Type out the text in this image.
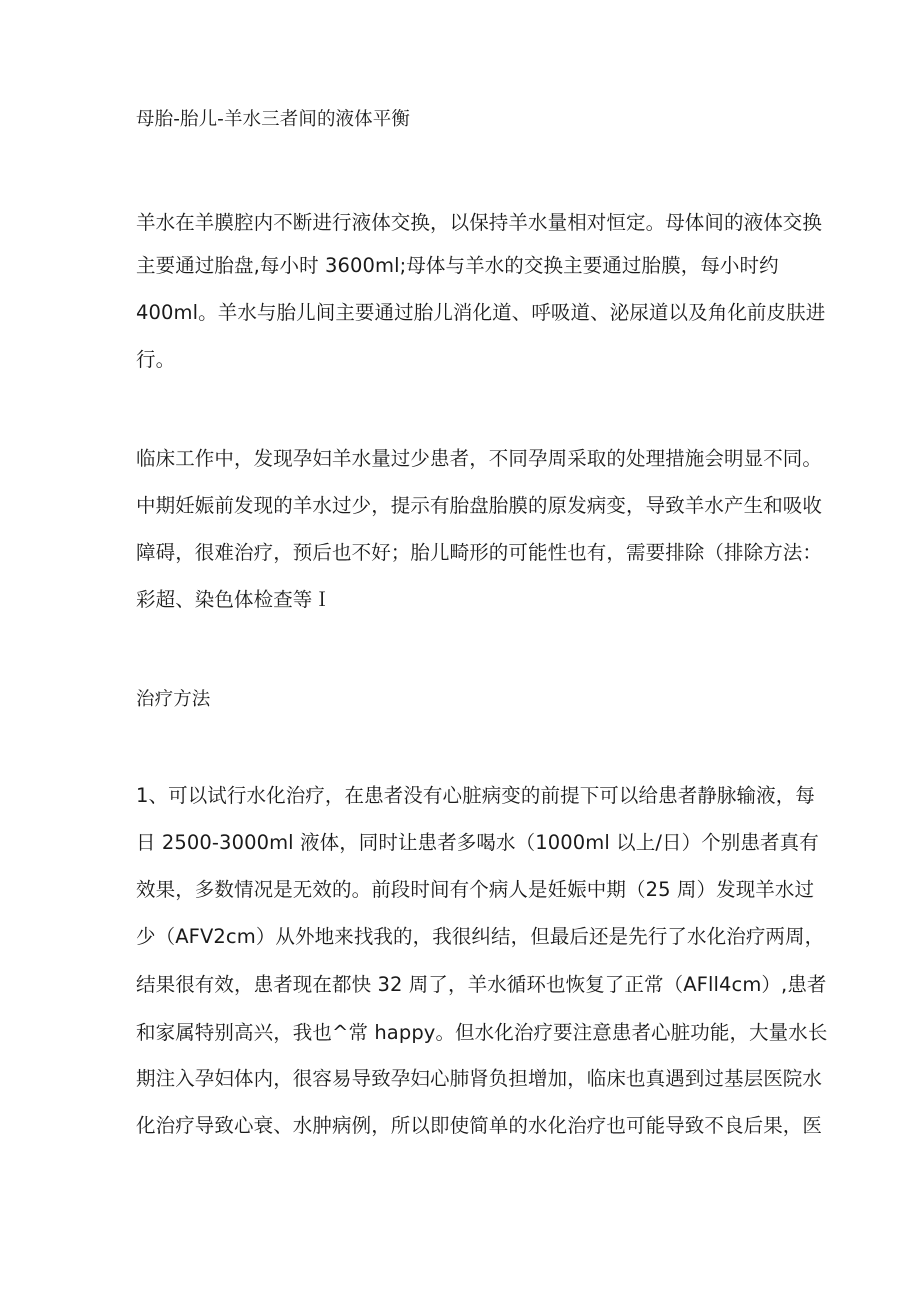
母胎-胎儿-羊水三者间的液体平衡
羊水在羊膜腔内不断进行液体交换，以保持羊水量相对恒定。母体间的液体交换
主要通过胎盘,每小时 3600ml;母体与羊水的交换主要通过胎膜，每小时约
400ml。羊水与胎儿间主要通过胎儿消化道、呼吸道、泌尿道以及角化前皮肤进
行。
临床工作中，发现孕妇羊水量过少患者，不同孕周采取的处理措施会明显不同。
中期妊娠前发现的羊水过少，提示有胎盘胎膜的原发病变，导致羊水产生和吸收
障碍，很难治疗，预后也不好；胎儿畸形的可能性也有，需要排除（排除方法：
彩超、染色体检查等Ｉ
治疗方法
1、可以试行水化治疗，在患者没有心脏病变的前提下可以给患者静脉输液，每
日 2500-3000ml 液体，同时让患者多喝水（1000ml 以上/日）个别患者真有
效果，多数情况是无效的。前段时间有个病人是妊娠中期（25 周）发现羊水过
少（AFV2cm）从外地来找我的，我很纠结，但最后还是先行了水化治疗两周，
结果很有效，患者现在都快 32 周了，羊水循环也恢复了正常（AFll4cm）,患者
和家属特别高兴，我也^常 happy。但水化治疗要注意患者心脏功能，大量水长
期注入孕妇体内，很容易导致孕妇心肺肾负担增加，临床也真遇到过基层医院水
化治疗导致心衰、水肿病例，所以即使简单的水化治疗也可能导致不良后果，医
